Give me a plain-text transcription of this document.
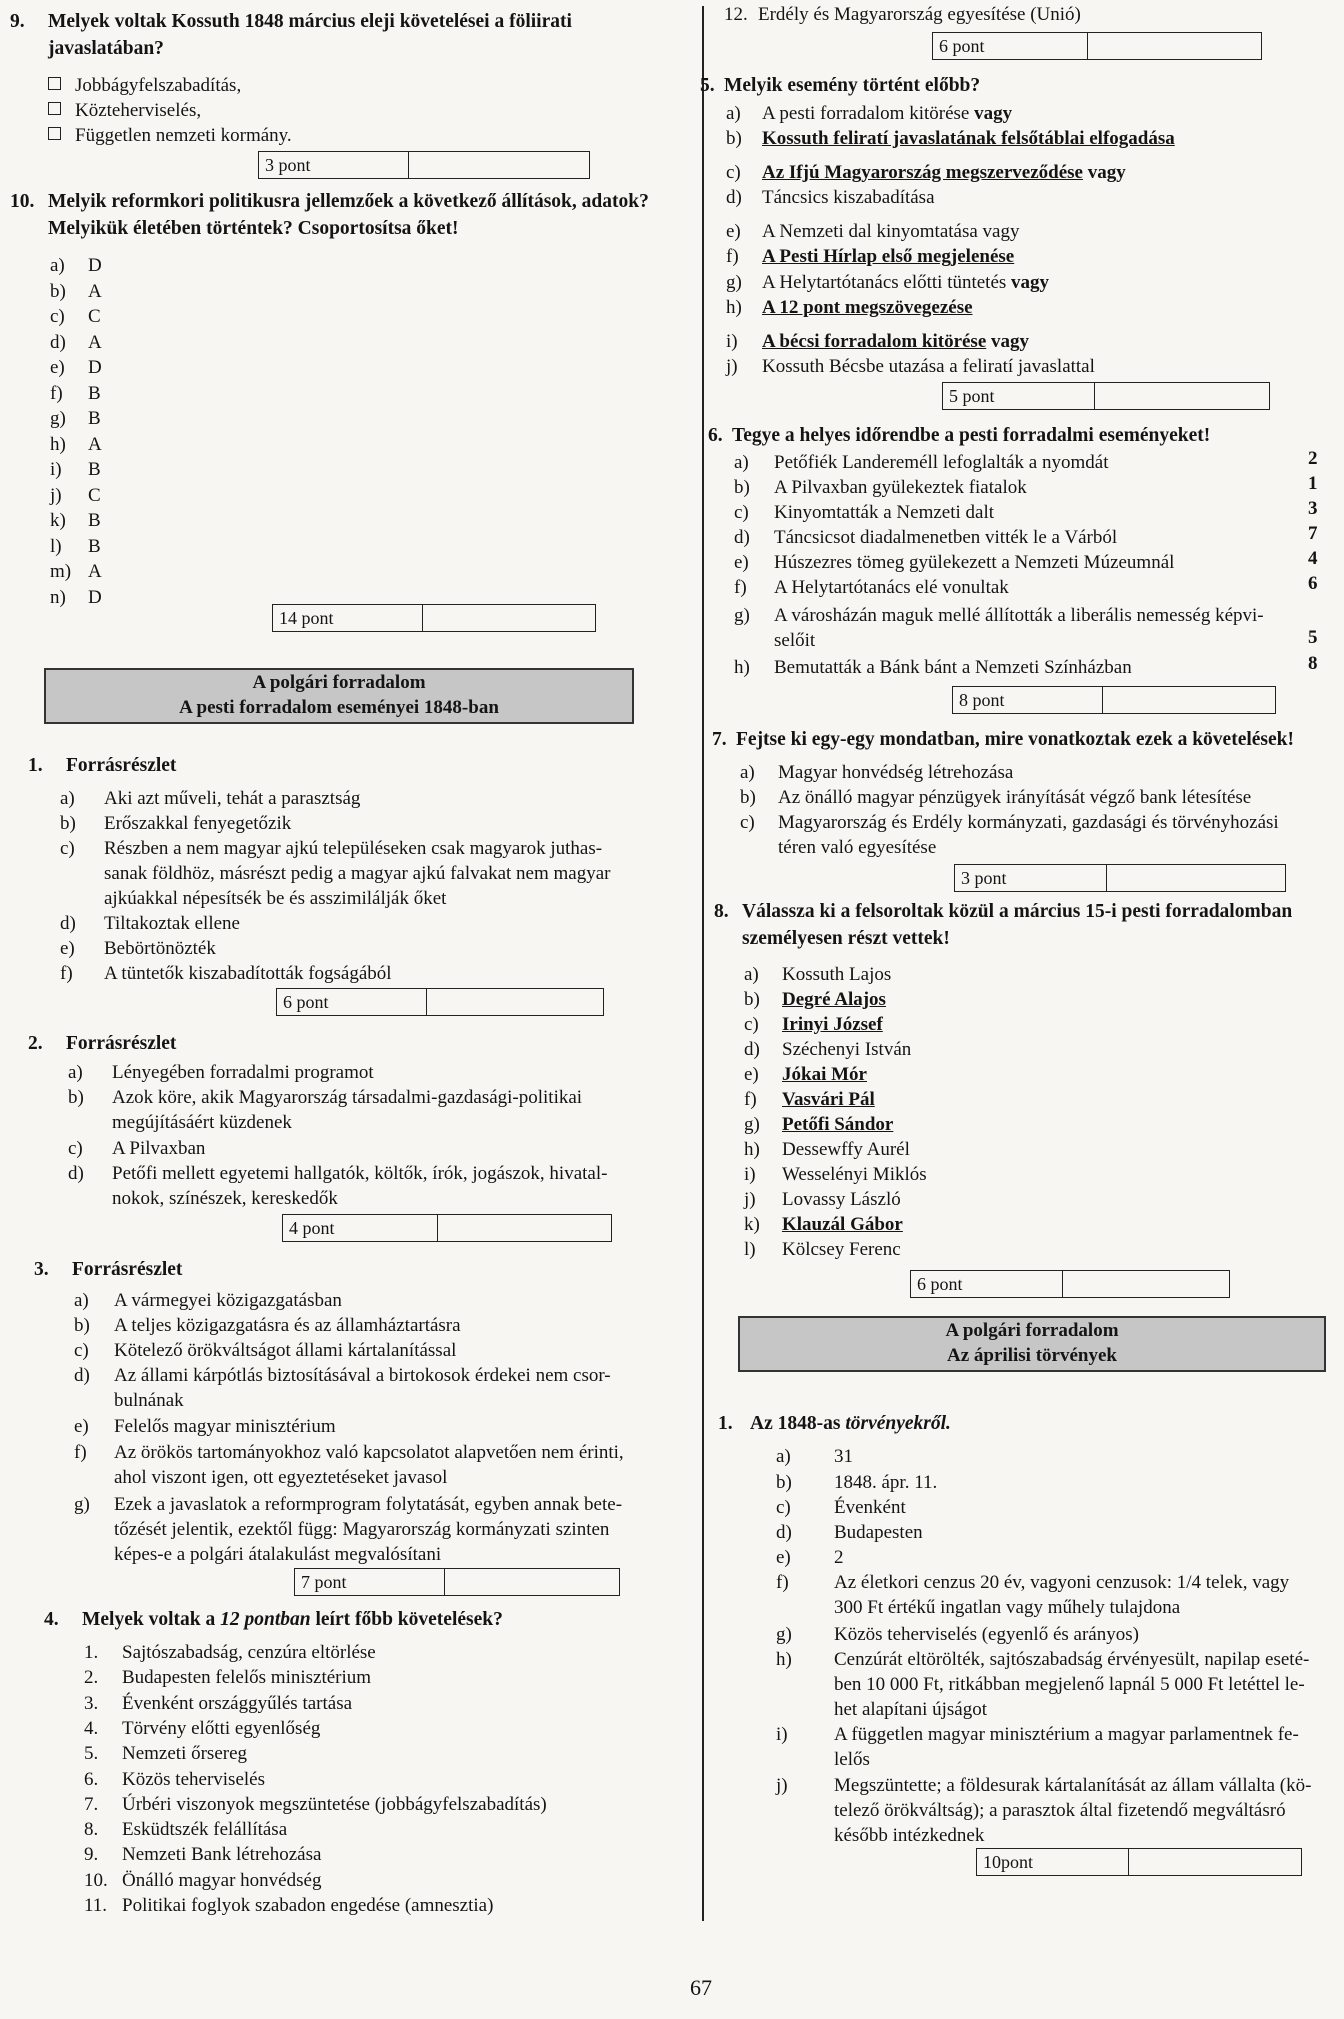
9. Melyek voltak Kossuth 1848 március eleji követelései a föliirati javaslatában?
Jobbágyfelszabadítás,
Közteherviselés,
Független nemzeti kormány.
3 pont
10. Melyik reformkori politikusra jellemzőek a következő állítások, adatok? Melyikük életében történtek? Csoportosítsa őket!
a) D
b) A
c) C
d) A
e) D
f) B
g) B
h) A
i) B
j) C
k) B
l) B
m) A
n) D
14 pont
A polgári forradalom
A pesti forradalom eseményei 1848-ban
1. Forrásrészlet
a) Aki azt műveli, tehát a parasztság
b) Erőszakkal fenyegetőzik
c) Részben a nem magyar ajkú településeken csak magyarok juthas-
sanak földhöz, másrészt pedig a magyar ajkú falvakat nem magyar
ajkúakkal népesítsék be és asszimilálják őket
d) Tiltakoztak ellene
e) Bebörtönözték
f) A tüntetők kiszabadították fogságából
6 pont
2. Forrásrészlet
a) Lényegében forradalmi programot
b) Azok köre, akik Magyarország társadalmi-gazdasági-politikai
megújításáért küzdenek
c) A Pilvaxban
d) Petőfi mellett egyetemi hallgatók, költők, írók, jogászok, hivatal-
nokok, színészek, kereskedők
4 pont
3. Forrásrészlet
a) A vármegyei közigazgatásban
b) A teljes közigazgatásra és az államháztartásra
c) Kötelező örökváltságot állami kártalanítással
d) Az állami kárpótlás biztosításával a birtokosok érdekei nem csor-
bulnának
e) Felelős magyar minisztérium
f) Az örökös tartományokhoz való kapcsolatot alapvetően nem érinti,
ahol viszont igen, ott egyeztetéseket javasol
g) Ezek a javaslatok a reformprogram folytatását, egyben annak bete-
tőzését jelentik, ezektől függ: Magyarország kormányzati szinten
képes-e a polgári átalakulást megvalósítani
7 pont
4. Melyek voltak a 12 pontban leírt főbb követelések?
1. Sajtószabadság, cenzúra eltörlése
2. Budapesten felelős minisztérium
3. Évenként országgyűlés tartása
4. Törvény előtti egyenlőség
5. Nemzeti őrsereg
6. Közös teherviselés
7. Úrbéri viszonyok megszüntetése (jobbágyfelszabadítás)
8. Esküdtszék felállítása
9. Nemzeti Bank létrehozása
10. Önálló magyar honvédség
11. Politikai foglyok szabadon engedése (amnesztia)
12. Erdély és Magyarország egyesítése (Unió)
6 pont
5. Melyik esemény történt előbb?
a) A pesti forradalom kitörése vagy
b) Kossuth feliratí javaslatának felsőtáblai elfogadása
c) Az Ifjú Magyarország megszerveződése vagy
d) Táncsics kiszabadítása
e) A Nemzeti dal kinyomtatása vagy
f) A Pesti Hírlap első megjelenése
g) A Helytartótanács előtti tüntetés vagy
h) A 12 pont megszövegezése
i) A bécsi forradalom kitörése vagy
j) Kossuth Bécsbe utazása a feliratí javaslattal
5 pont
6. Tegye a helyes időrendbe a pesti forradalmi eseményeket!
a) Petőfiék Landereméll lefoglalták a nyomdát	2
b) A Pilvaxban gyülekeztek fiatalok	1
c) Kinyomtatták a Nemzeti dalt	3
d) Táncsicsot diadalmenetben vitték le a Várból	7
e) Húszezres tömeg gyülekezett a Nemzeti Múzeumnál	4
f) A Helytartótanács elé vonultak	6
g) A városházán maguk mellé állították a liberális nemesség képvi-
selőit	5
h) Bemutatták a Bánk bánt a Nemzeti Színházban	8
8 pont
7. Fejtse ki egy-egy mondatban, mire vonatkoztak ezek a követelések!
a) Magyar honvédség létrehozása
b) Az önálló magyar pénzügyek irányítását végző bank létesítése
c) Magyarország és Erdély kormányzati, gazdasági és törvényhozási
téren való egyesítése
3 pont
8. Válassza ki a felsoroltak közül a március 15-i pesti forradalomban személyesen részt vettek!
a) Kossuth Lajos
b) Degré Alajos
c) Irinyi József
d) Széchenyi István
e) Jókai Mór
f) Vasvári Pál
g) Petőfi Sándor
h) Dessewffy Aurél
i) Wesselényi Miklós
j) Lovassy László
k) Klauzál Gábor
l) Kölcsey Ferenc
6 pont
A polgári forradalom
Az áprilisi törvények
1. Az 1848-as törvényekről.
a) 31
b) 1848. ápr. 11.
c) Évenként
d) Budapesten
e) 2
f) Az életkori cenzus 20 év, vagyoni cenzusok: 1/4 telek, vagy
300 Ft értékű ingatlan vagy műhely tulajdona
g) Közös teherviselés (egyenlő és arányos)
h) Cenzúrát eltörölték, sajtószabadság érvényesült, napilap eseté-
ben 10 000 Ft, ritkábban megjelenő lapnál 5 000 Ft letéttel le-
het alapítani újságot
i) A független magyar minisztérium a magyar parlamentnek fe-
lelős
j) Megszüntette; a földesurak kártalanítását az állam vállalta (kö-
telező örökváltság); a parasztok által fizetendő megváltásró
később intézkednek
10pont
67
